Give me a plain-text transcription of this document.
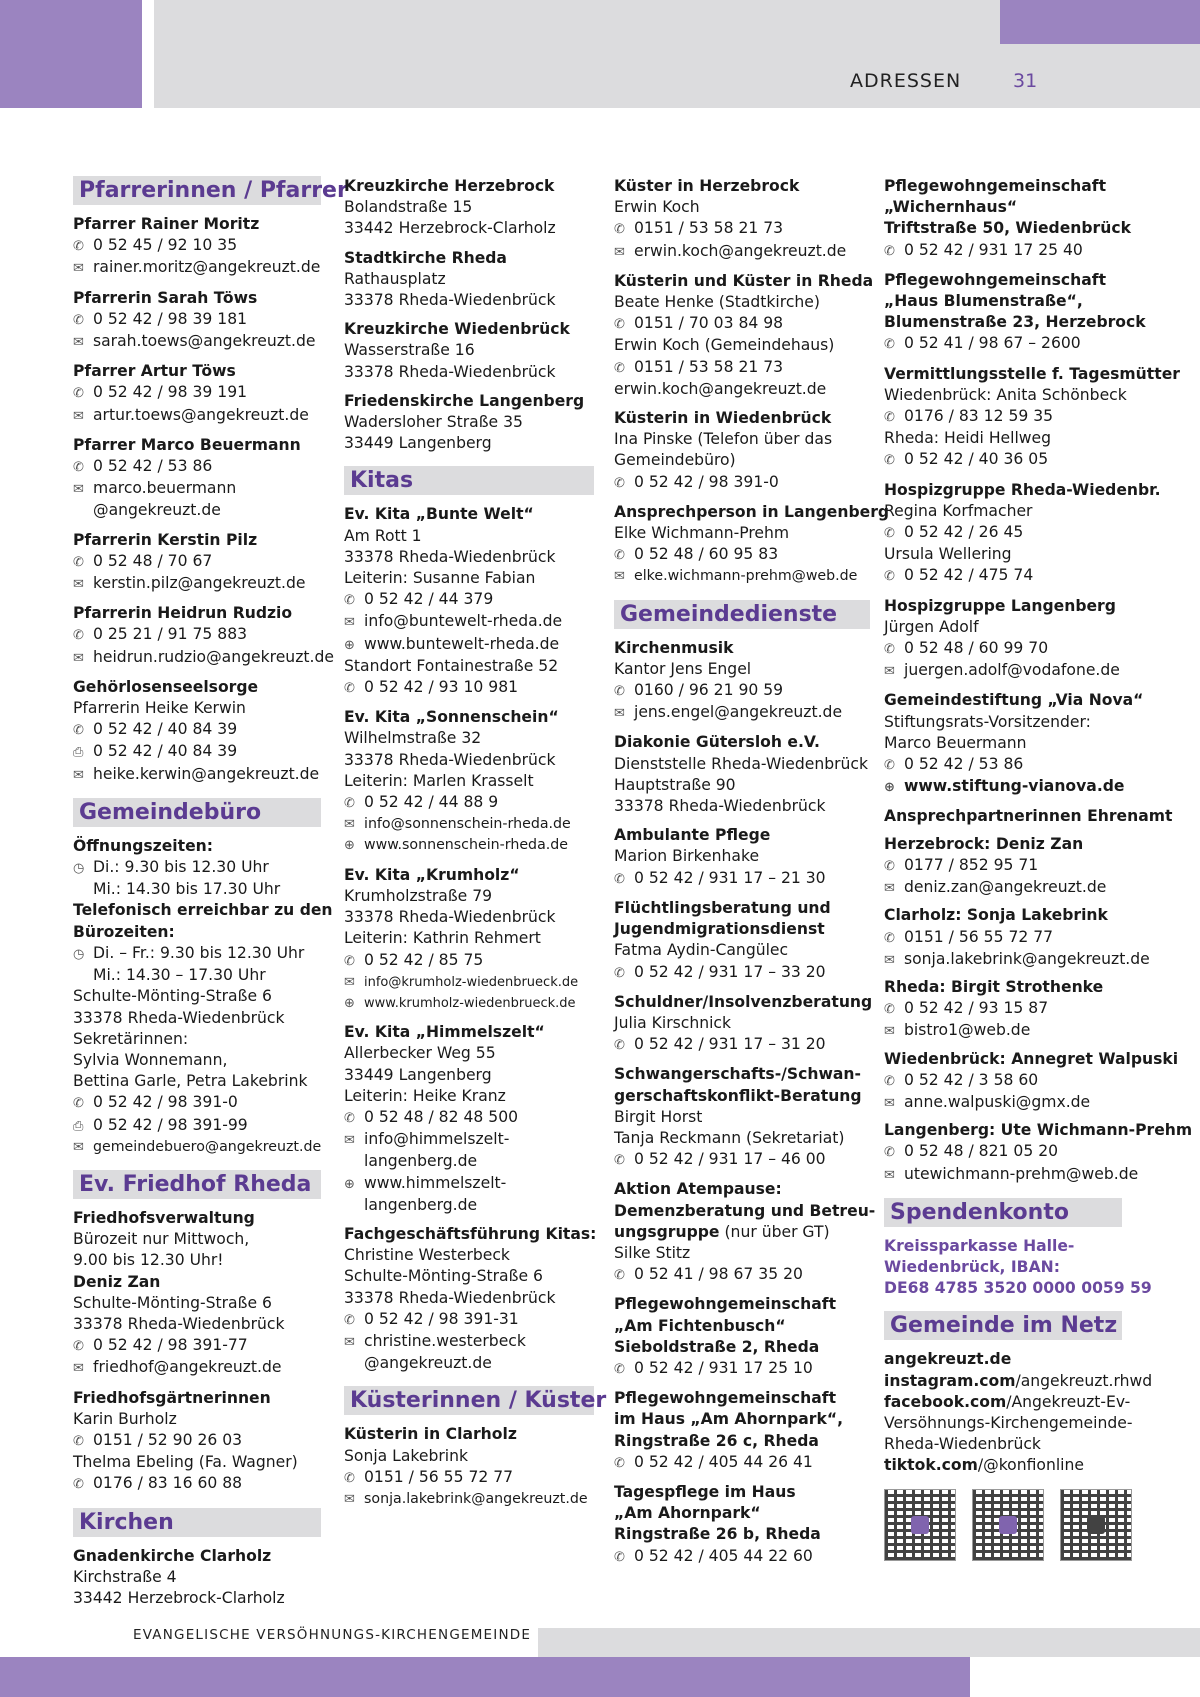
ADRESSEN	31
Pfarrerinnen / Pfarrer
Pfarrer Rainer Moritz
✆ 0 52 45 / 92 10 35
✉ rainer.moritz@angekreuzt.de
Pfarrerin Sarah Töws
✆ 0 52 42 / 98 39 181
✉ sarah.toews@angekreuzt.de
Pfarrer Artur Töws
✆ 0 52 42 / 98 39 191
✉ artur.toews@angekreuzt.de
Pfarrer Marco Beuermann
✆ 0 52 42 / 53 86
✉ marco.beuermann
@angekreuzt.de
Pfarrerin Kerstin Pilz
✆ 0 52 48 / 70 67
✉ kerstin.pilz@angekreuzt.de
Pfarrerin Heidrun Rudzio
✆ 0 25 21 / 91 75 883
✉ heidrun.rudzio@angekreuzt.de
Gehörlosenseelsorge
Pfarrerin Heike Kerwin
✆ 0 52 42 / 40 84 39
⎙ 0 52 42 / 40 84 39
✉ heike.kerwin@angekreuzt.de
Gemeindebüro
Öffnungszeiten:
◷ Di.: 9.30 bis 12.30 Uhr
Mi.: 14.30 bis 17.30 Uhr
Telefonisch erreichbar zu den
Bürozeiten:
◷ Di. – Fr.: 9.30 bis 12.30 Uhr
Mi.: 14.30 – 17.30 Uhr
Schulte-Mönting-Straße 6
33378 Rheda-Wiedenbrück
Sekretärinnen:
Sylvia Wonnemann,
Bettina Garle, Petra Lakebrink
✆ 0 52 42 / 98 391-0
⎙ 0 52 42 / 98 391-99
✉ gemeindebuero@angekreuzt.de
Ev. Friedhof Rheda
Friedhofsverwaltung
Bürozeit nur Mittwoch,
9.00 bis 12.30 Uhr!
Deniz Zan
Schulte-Mönting-Straße 6
33378 Rheda-Wiedenbrück
✆ 0 52 42 / 98 391-77
✉ friedhof@angekreuzt.de
Friedhofsgärtnerinnen
Karin Burholz
✆ 0151 / 52 90 26 03
Thelma Ebeling (Fa. Wagner)
✆ 0176 / 83 16 60 88
Kirchen
Gnadenkirche Clarholz
Kirchstraße 4
33442 Herzebrock-Clarholz
Kreuzkirche Herzebrock
Bolandstraße 15
33442 Herzebrock-Clarholz
Stadtkirche Rheda
Rathausplatz
33378 Rheda-Wiedenbrück
Kreuzkirche Wiedenbrück
Wasserstraße 16
33378 Rheda-Wiedenbrück
Friedenskirche Langenberg
Wadersloher Straße 35
33449 Langenberg
Kitas
Ev. Kita „Bunte Welt“
Am Rott 1
33378 Rheda-Wiedenbrück
Leiterin: Susanne Fabian
✆ 0 52 42 / 44 379
✉ info@buntewelt-rheda.de
⊕ www.buntewelt-rheda.de
Standort Fontainestraße 52
✆ 0 52 42 / 93 10 981
Ev. Kita „Sonnenschein“
Wilhelmstraße 32
33378 Rheda-Wiedenbrück
Leiterin: Marlen Krasselt
✆ 0 52 42 / 44 88 9
✉ info@sonnenschein-rheda.de
⊕ www.sonnenschein-rheda.de
Ev. Kita „Krumholz“
Krumholzstraße 79
33378 Rheda-Wiedenbrück
Leiterin: Kathrin Rehmert
✆ 0 52 42 / 85 75
✉ info@krumholz-wiedenbrueck.de
⊕ www.krumholz-wiedenbrueck.de
Ev. Kita „Himmelszelt“
Allerbecker Weg 55
33449 Langenberg
Leiterin: Heike Kranz
✆ 0 52 48 / 82 48 500
✉ info@himmelszelt-
langenberg.de
⊕ www.himmelszelt-
langenberg.de
Fachgeschäftsführung Kitas:
Christine Westerbeck
Schulte-Mönting-Straße 6
33378 Rheda-Wiedenbrück
✆ 0 52 42 / 98 391-31
✉ christine.westerbeck
@angekreuzt.de
Küsterinnen / Küster
Küsterin in Clarholz
Sonja Lakebrink
✆ 0151 / 56 55 72 77
✉ sonja.lakebrink@angekreuzt.de
Küster in Herzebrock
Erwin Koch
✆ 0151 / 53 58 21 73
✉ erwin.koch@angekreuzt.de
Küsterin und Küster in Rheda
Beate Henke (Stadtkirche)
✆ 0151 / 70 03 84 98
Erwin Koch (Gemeindehaus)
✆ 0151 / 53 58 21 73
erwin.koch@angekreuzt.de
Küsterin in Wiedenbrück
Ina Pinske (Telefon über das
Gemeindebüro)
✆ 0 52 42 / 98 391-0
Ansprechperson in Langenberg
Elke Wichmann-Prehm
✆ 0 52 48 / 60 95 83
✉ elke.wichmann-prehm@web.de
Gemeindedienste
Kirchenmusik
Kantor Jens Engel
✆ 0160 / 96 21 90 59
✉ jens.engel@angekreuzt.de
Diakonie Gütersloh e.V.
Dienststelle Rheda-Wiedenbrück
Hauptstraße 90
33378 Rheda-Wiedenbrück
Ambulante Pflege
Marion Birkenhake
✆ 0 52 42 / 931 17 – 21 30
Flüchtlingsberatung und
Jugendmigrationsdienst
Fatma Aydin-Cangülec
✆ 0 52 42 / 931 17 – 33 20
Schuldner/Insolvenzberatung
Julia Kirschnick
✆ 0 52 42 / 931 17 – 31 20
Schwangerschafts-/Schwan-
gerschaftskonflikt-Beratung
Birgit Horst
Tanja Reckmann (Sekretariat)
✆ 0 52 42 / 931 17 – 46 00
Aktion Atempause:
Demenzberatung und Betreu-
ungsgruppe (nur über GT)
Silke Stitz
✆ 0 52 41 / 98 67 35 20
Pflegewohngemeinschaft
„Am Fichtenbusch“
Sieboldstraße 2, Rheda
✆ 0 52 42 / 931 17 25 10
Pflegewohngemeinschaft
im Haus „Am Ahornpark“,
Ringstraße 26 c, Rheda
✆ 0 52 42 / 405 44 26 41
Tagespflege im Haus
„Am Ahornpark“
Ringstraße 26 b, Rheda
✆ 0 52 42 / 405 44 22 60
Pflegewohngemeinschaft
„Wichernhaus“
Triftstraße 50, Wiedenbrück
✆ 0 52 42 / 931 17 25 40
Pflegewohngemeinschaft
„Haus Blumenstraße“,
Blumenstraße 23, Herzebrock
✆ 0 52 41 / 98 67 – 2600
Vermittlungsstelle f. Tagesmütter
Wiedenbrück: Anita Schönbeck
✆ 0176 / 83 12 59 35
Rheda: Heidi Hellweg
✆ 0 52 42 / 40 36 05
Hospizgruppe Rheda-Wiedenbr.
Regina Korfmacher
✆ 0 52 42 / 26 45
Ursula Wellering
✆ 0 52 42 / 475 74
Hospizgruppe Langenberg
Jürgen Adolf
✆ 0 52 48 / 60 99 70
✉ juergen.adolf@vodafone.de
Gemeindestiftung „Via Nova“
Stiftungsrats-Vorsitzender:
Marco Beuermann
✆ 0 52 42 / 53 86
⊕ www.stiftung-vianova.de
Ansprechpartnerinnen Ehrenamt
Herzebrock: Deniz Zan
✆ 0177 / 852 95 71
✉ deniz.zan@angekreuzt.de
Clarholz: Sonja Lakebrink
✆ 0151 / 56 55 72 77
✉ sonja.lakebrink@angekreuzt.de
Rheda: Birgit Strothenke
✆ 0 52 42 / 93 15 87
✉ bistro1@web.de
Wiedenbrück: Annegret Walpuski
✆ 0 52 42 / 3 58 60
✉ anne.walpuski@gmx.de
Langenberg: Ute Wichmann-Prehm
✆ 0 52 48 / 821 05 20
✉ utewichmann-prehm@web.de
Spendenkonto
Kreissparkasse Halle-
Wiedenbrück, IBAN:
DE68 4785 3520 0000 0059 59
Gemeinde im Netz
angekreuzt.de
instagram.com/angekreuzt.rhwd
facebook.com/Angekreuzt-Ev-
Versöhnungs-Kirchengemeinde-
Rheda-Wiedenbrück
tiktok.com/@konfionline
EVANGELISCHE VERSÖHNUNGS-KIRCHENGEMEINDE
